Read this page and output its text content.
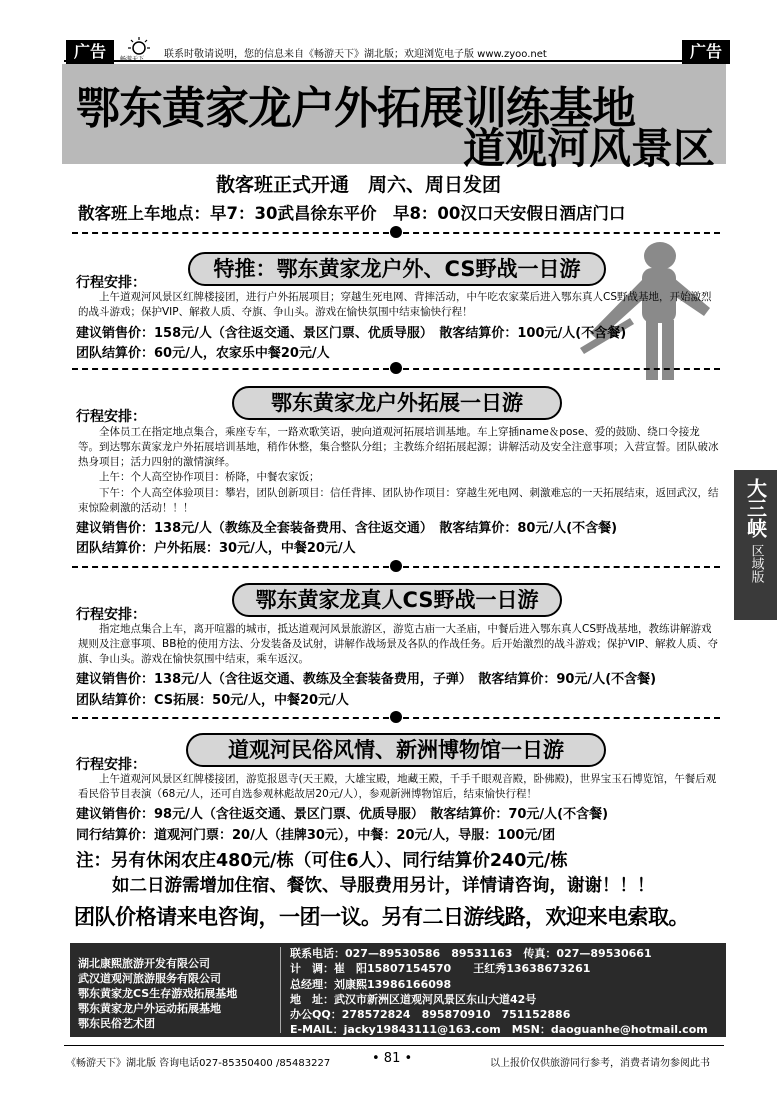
广告	畅游天下 联系时敬请说明，您的信息来自《畅游天下》湖北版；欢迎浏览电子版 www.zyoo.net	广告
鄂东黄家龙户外拓展训练基地
道观河风景区
散客班正式开通　周六、周日发团
散客班上车地点：早7：30武昌徐东平价　早8：00汉口天安假日酒店门口
特推：鄂东黄家龙户外、CS野战一日游
行程安排：
　　上午道观河风景区红牌楼接团，进行户外拓展项目；穿越生死电网、背摔活动，中午吃农家菜后进入鄂东真人CS野战基地，开始激烈的战斗游戏；保护VIP、解救人质、夺旗、争山头。游戏在愉快氛围中结束愉快行程！
建议销售价：158元/人（含往返交通、景区门票、优质导服）　散客结算价：100元/人(不含餐)
团队结算价：60元/人，农家乐中餐20元/人
鄂东黄家龙户外拓展一日游
行程安排：
　　全体员工在指定地点集合，乘座专车，一路欢歌笑语，驶向道观河拓展培训基地。车上穿插name＆pose、爱的鼓励、绕口令接龙等。到达鄂东黄家龙户外拓展培训基地，稍作休整，集合整队分组；主教练介绍拓展起源；讲解活动及安全注意事项；入营宣誓。团队破冰热身项目；活力四射的激情演绎。
　　上午：个人高空协作项目：桥降，中餐农家饭；
　　下午：个人高空体验项目：攀岩，团队创新项目：信任背摔、团队协作项目：穿越生死电网、刺激难忘的一天拓展结束，返回武汉，结束惊险刺激的活动！！！
建议销售价：138元/人（教练及全套装备费用、含往返交通）　散客结算价：80元/人(不含餐)
团队结算价：户外拓展：30元/人，中餐20元/人
鄂东黄家龙真人CS野战一日游
行程安排：
　　指定地点集合上车，离开喧嚣的城市，抵达道观河风景旅游区，游览古庙一大圣庙，中餐后进入鄂东真人CS野战基地，教练讲解游戏规则及注意事项、BB枪的使用方法、分发装备及试射，讲解作战场景及各队的作战任务。后开始激烈的战斗游戏；保护VIP、解救人质、夺旗、争山头。游戏在愉快氛围中结束，乘车返汉。
建议销售价：138元/人（含往返交通、教练及全套装备费用，子弹）　散客结算价：90元/人(不含餐)
团队结算价：CS拓展：50元/人，中餐20元/人
道观河民俗风情、新洲博物馆一日游
行程安排：
　　上午道观河风景区红牌楼接团，游览报恩寺(天王殿，大雄宝殿，地藏王殿，千手千眼观音殿，卧佛殿)，世界宝玉石博览馆，午餐后观看民俗节目表演（68元/人，还可自选参观林彪故居20元/人），参观新洲博物馆后，结束愉快行程！
建议销售价：98元/人（含往返交通、景区门票、优质导服）　散客结算价：70元/人(不含餐)
同行结算价：道观河门票：20/人（挂牌30元），中餐：20元/人，导服：100元/团
注：另有休闲农庄480元/栋（可住6人）、同行结算价240元/栋
如二日游需增加住宿、餐饮、导服费用另计，详情请咨询，谢谢！！！
团队价格请来电咨询，一团一议。另有二日游线路，欢迎来电索取。
大三峡
区域版
湖北康熙旅游开发有限公司
武汉道观河旅游服务有限公司
鄂东黄家龙CS生存游戏拓展基地
鄂东黄家龙户外运动拓展基地
鄂东民俗艺术团
联系电话：027—89530586　89531163　传真：027—89530661
计　调：崔　阳15807154570　　王红秀13638673261
总经理：刘康熙13986166098
地　址：武汉市新洲区道观河风景区东山大道42号
办公QQ：278572824　895870910　751152886
E-MAIL：jacky19843111@163.com　MSN：daoguanhe@hotmail.com
《畅游天下》湖北版 咨询电话027-85350400 /85483227	• 81 •	以上报价仅供旅游同行参考，消费者请勿参阅此书
